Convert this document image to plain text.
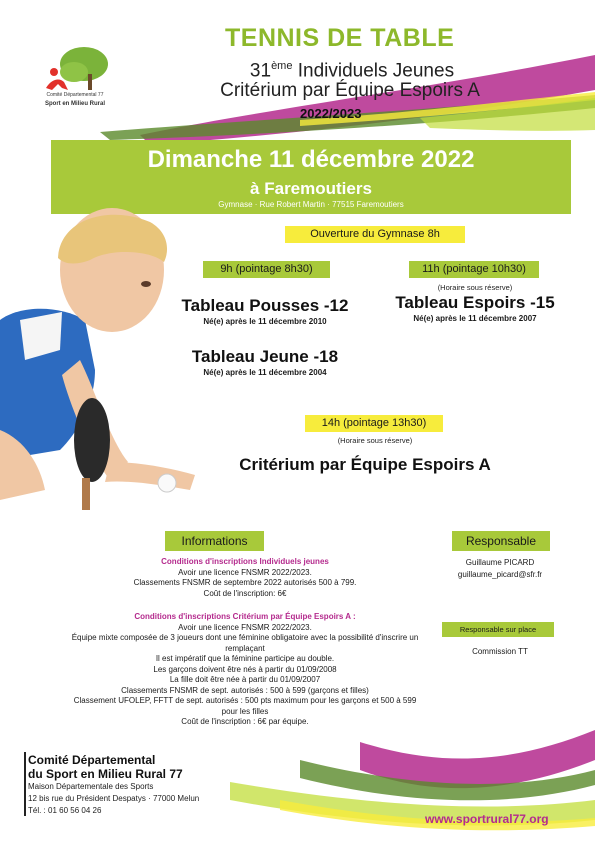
Comité Départemental 77
Sport en Milieu Rural
TENNIS DE TABLE
31ème Individuels Jeunes
Critérium par Équipe Espoirs A
2022/2023
Dimanche 11 décembre 2022
à Faremoutiers
Gymnase · Rue Robert Martin · 77515 Faremoutiers
Ouverture du Gymnase 8h
9h (pointage 8h30)
Tableau Pousses -12
Né(e) après le 11 décembre 2010
Tableau Jeune -18
Né(e) après le 11 décembre 2004
11h (pointage 10h30)
(Horaire sous réserve)
Tableau Espoirs -15
Né(e) après le 11 décembre 2007
14h (pointage 13h30)
(Horaire sous réserve)
Critérium par Équipe Espoirs A
Informations
Conditions d'inscriptions Individuels jeunes
Avoir une licence FNSMR 2022/2023.
Classements FNSMR de septembre 2022 autorisés 500 à 799.
Coût de l'inscription: 6€
Conditions d'inscriptions Critérium par Équipe Espoirs A :
Avoir une licence FNSMR 2022/2023.
Équipe mixte composée de 3 joueurs dont une féminine obligatoire avec la possibilité d'inscrire un remplaçant
Il est impératif que la féminine participe au double.
Les garçons doivent être nés à partir du 01/09/2008
La fille doit être née à partir du 01/09/2007
Classements FNSMR de sept. autorisés : 500 à 599 (garçons et filles)
Classement UFOLEP, FFTT de sept. autorisés : 500 pts maximum pour les garçons et 500 à 599 pour les filles
Coût de l'inscription : 6€ par équipe.
Responsable
Guillaume PICARD
guillaume_picard@sfr.fr
Responsable sur place
Commission TT
Comité Départemental
du Sport en Milieu Rural 77
Maison Départementale des Sports
12 bis rue du Président Despatys · 77000 Melun
Tél. : 01 60 56 04 26
www.sportrural77.org
